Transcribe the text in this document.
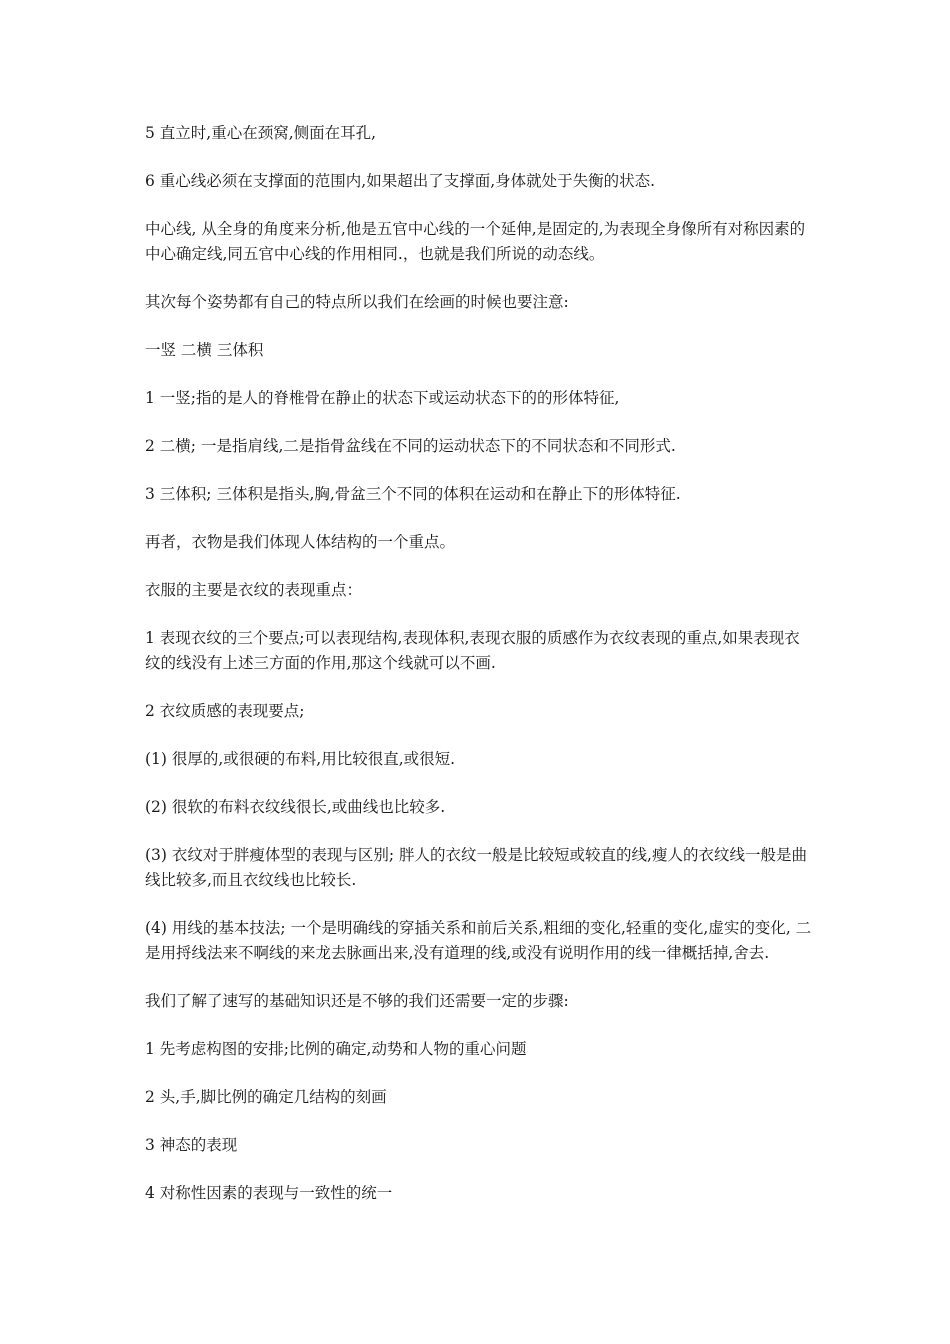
5 直立时,重心在颈窝,侧面在耳孔,

6 重心线必须在支撑面的范围内,如果超出了支撑面,身体就处于失衡的状态.

中心线, 从全身的角度来分析,他是五官中心线的一个延伸,是固定的,为表现全身像所有对称因素的中心确定线,同五官中心线的作用相同.，也就是我们所说的动态线。

其次每个姿势都有自己的特点所以我们在绘画的时候也要注意:

一竖 二横 三体积

1 一竖;指的是人的脊椎骨在静止的状态下或运动状态下的的形体特征,

2 二横; 一是指肩线,二是指骨盆线在不同的运动状态下的不同状态和不同形式.

3 三体积; 三体积是指头,胸,骨盆三个不同的体积在运动和在静止下的形体特征.

再者，衣物是我们体现人体结构的一个重点。

衣服的主要是衣纹的表现重点：

1 表现衣纹的三个要点;可以表现结构,表现体积,表现衣服的质感作为衣纹表现的重点,如果表现衣纹的线没有上述三方面的作用,那这个线就可以不画.

2 衣纹质感的表现要点;

(1) 很厚的,或很硬的布料,用比较很直,或很短.

(2) 很软的布料衣纹线很长,或曲线也比较多.

(3) 衣纹对于胖瘦体型的表现与区别; 胖人的衣纹一般是比较短或较直的线,瘦人的衣纹线一般是曲线比较多,而且衣纹线也比较长.

(4) 用线的基本技法; 一个是明确线的穿插关系和前后关系,粗细的变化,轻重的变化,虚实的变化, 二是用捋线法来不啊线的来龙去脉画出来,没有道理的线,或没有说明作用的线一律概括掉,舍去.

我们了解了速写的基础知识还是不够的我们还需要一定的步骤:

1 先考虑构图的安排;比例的确定,动势和人物的重心问题

2 头,手,脚比例的确定几结构的刻画

3 神态的表现

4 对称性因素的表现与一致性的统一
